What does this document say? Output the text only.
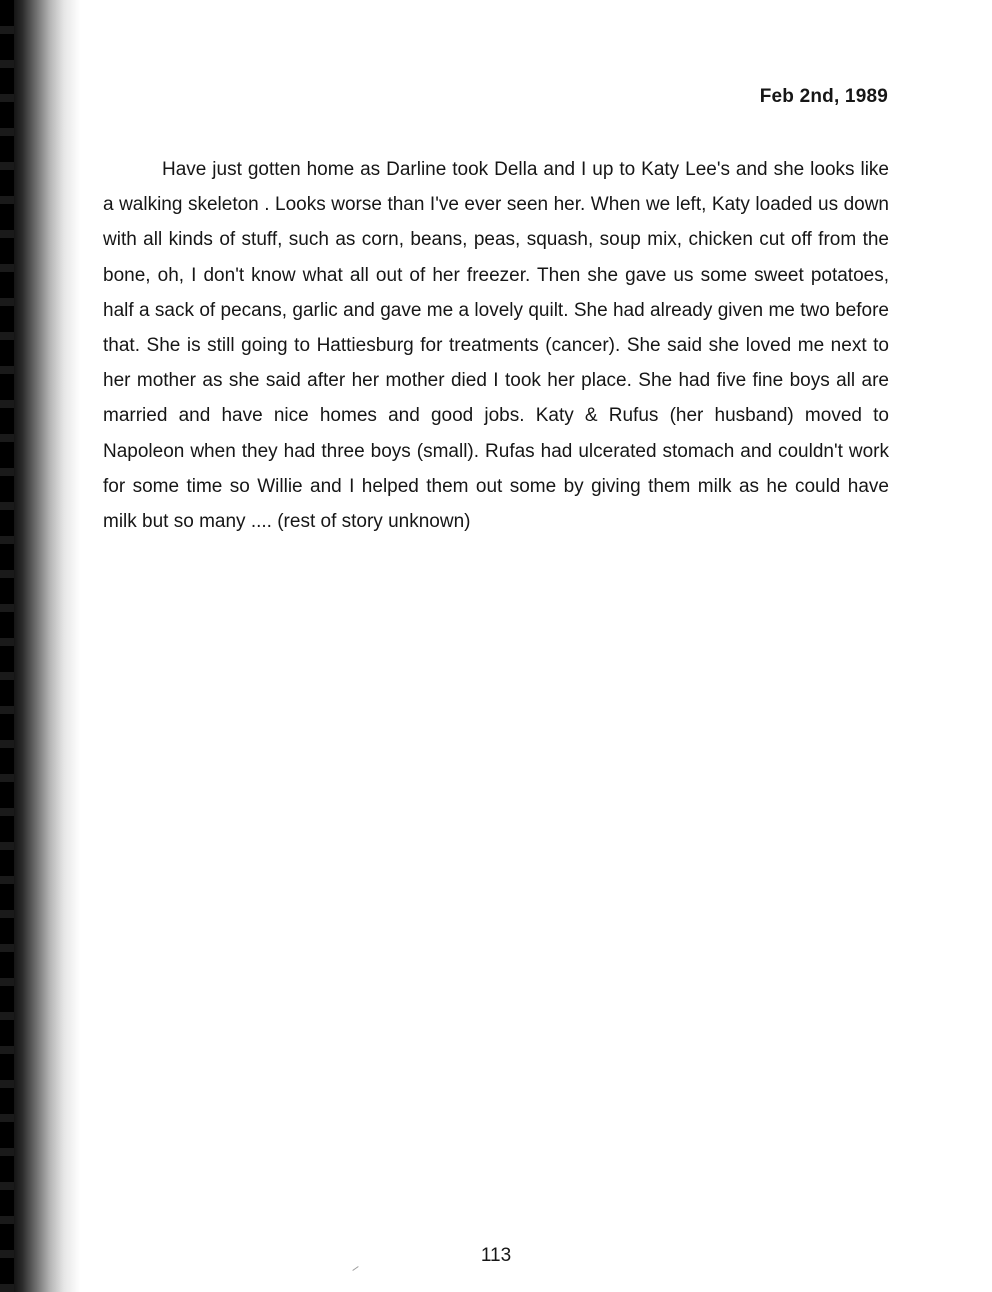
Feb 2nd, 1989

Have just gotten home as Darline took Della and I up to Katy Lee's and she looks like a walking skeleton . Looks worse than I've ever seen her. When we left, Katy loaded us down with all kinds of stuff, such as corn, beans, peas, squash, soup mix, chicken cut off from the bone, oh, I don't know what all out of her freezer. Then she gave us some sweet potatoes, half a sack of pecans, garlic and gave me a lovely quilt. She had already given me two before that. She is still going to Hattiesburg for treatments (cancer). She said she loved me next to her mother as she said after her mother died I took her place. She had five fine boys all are married and have nice homes and good jobs. Katy & Rufus (her husband) moved to Napoleon when they had three boys (small). Rufas had ulcerated stomach and couldn't work for some time so Willie and I helped them out some by giving them milk as he could have milk but so many .... (rest of story unknown)

113
